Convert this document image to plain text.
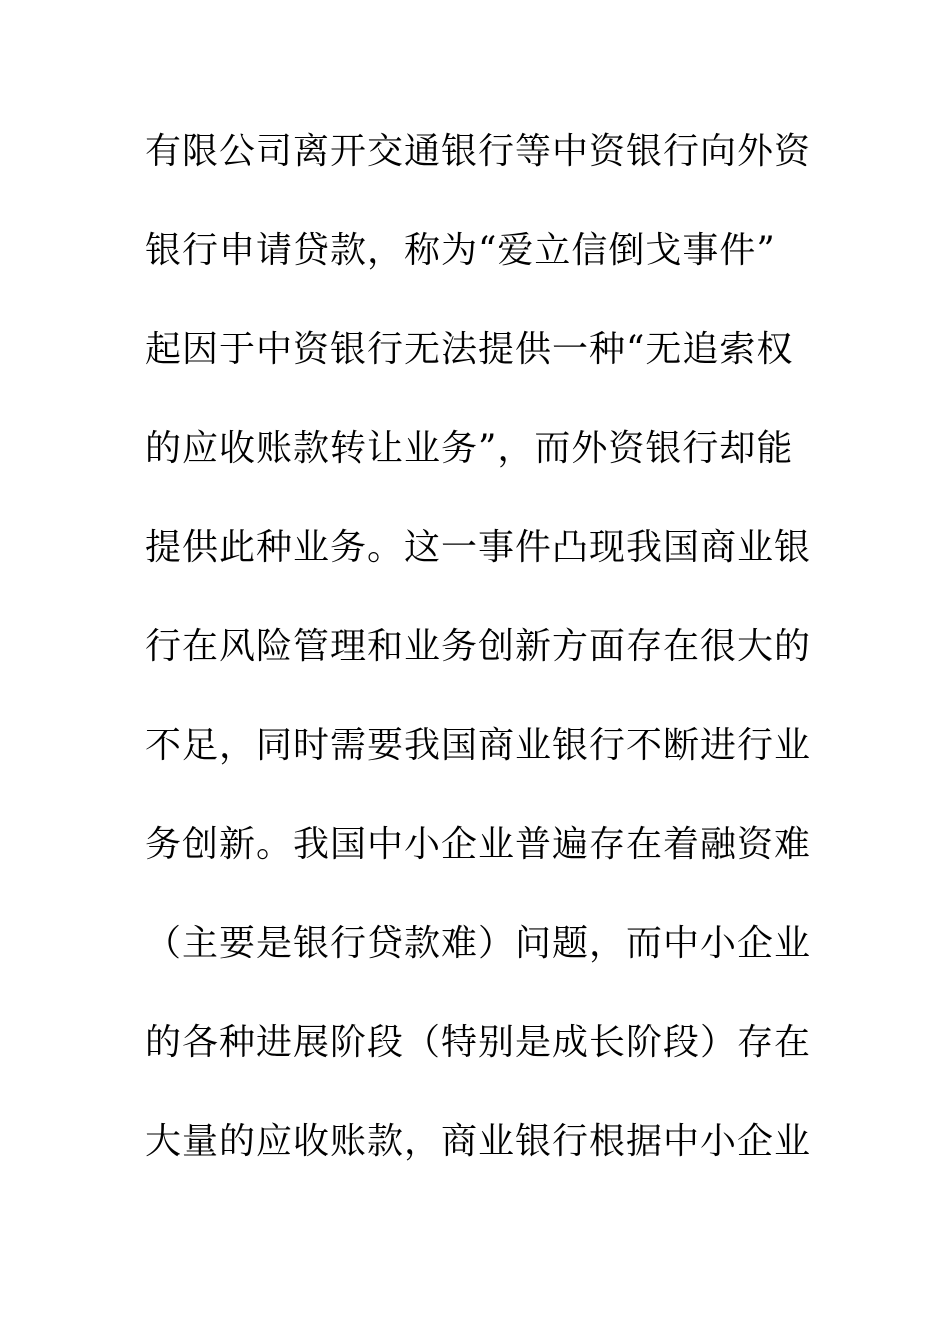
有限公司离开交通银行等中资银行向外资
银行申请贷款，称为“爱立信倒戈事件”
起因于中资银行无法提供一种“无追索权
的应收账款转让业务”，而外资银行却能
提供此种业务。这一事件凸现我国商业银
行在风险管理和业务创新方面存在很大的
不足，同时需要我国商业银行不断进行业
务创新。我国中小企业普遍存在着融资难
（主要是银行贷款难）问题，而中小企业
的各种进展阶段（特别是成长阶段）存在
大量的应收账款，商业银行根据中小企业
